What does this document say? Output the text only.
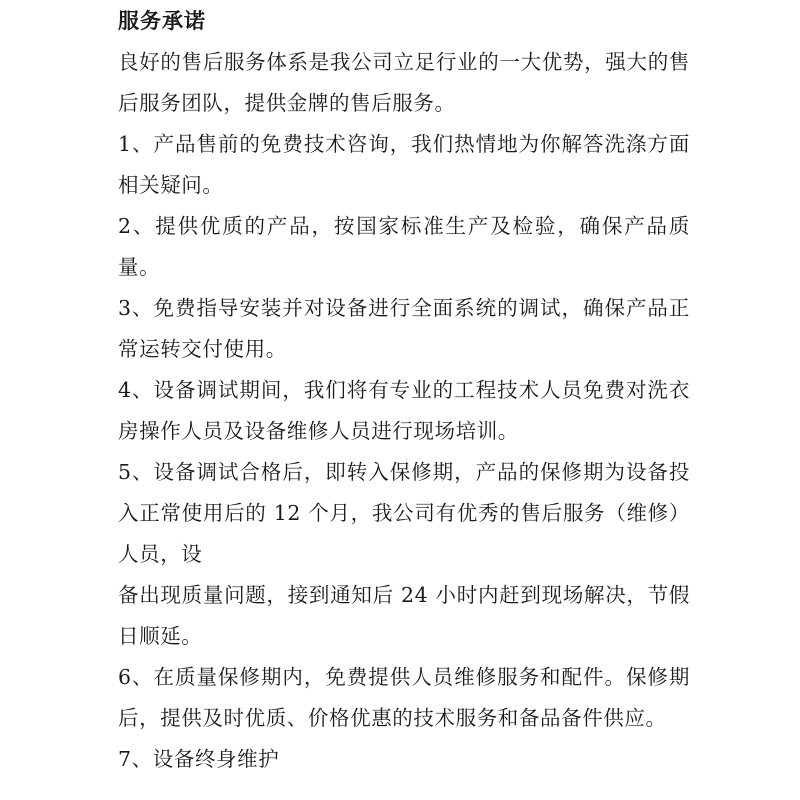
服务承诺

良好的售后服务体系是我公司立足行业的一大优势，强大的售后服务团队，提供金牌的售后服务。

1、产品售前的免费技术咨询，我们热情地为你解答洗涤方面相关疑问。

2、提供优质的产品，按国家标准生产及检验，确保产品质量。

3、免费指导安装并对设备进行全面系统的调试，确保产品正常运转交付使用。

4、设备调试期间，我们将有专业的工程技术人员免费对洗衣房操作人员及设备维修人员进行现场培训。

5、设备调试合格后，即转入保修期，产品的保修期为设备投入正常使用后的 12 个月，我公司有优秀的售后服务（维修）人员，设

备出现质量问题，接到通知后 24 小时内赶到现场解决，节假日顺延。

6、在质量保修期内，免费提供人员维修服务和配件。保修期后，提供及时优质、价格优惠的技术服务和备品备件供应。

7、设备终身维护
